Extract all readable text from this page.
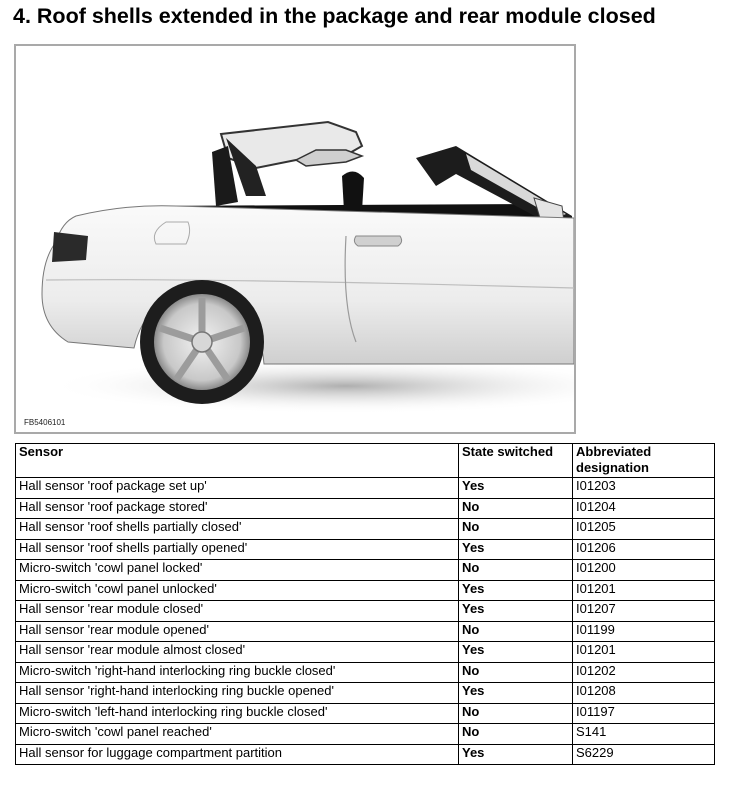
4. Roof shells extended in the package and rear module closed
FB5406101
Sensor	State switched	Abbreviated designation
Hall sensor 'roof package set up'	Yes	I01203
Hall sensor 'roof package stored'	No	I01204
Hall sensor 'roof shells partially closed'	No	I01205
Hall sensor 'roof shells partially opened'	Yes	I01206
Micro-switch 'cowl panel locked'	No	I01200
Micro-switch 'cowl panel unlocked'	Yes	I01201
Hall sensor 'rear module closed'	Yes	I01207
Hall sensor 'rear module opened'	No	I01199
Hall sensor 'rear module almost closed'	Yes	I01201
Micro-switch 'right-hand interlocking ring buckle closed'	No	I01202
Hall sensor 'right-hand interlocking ring buckle opened'	Yes	I01208
Micro-switch 'left-hand interlocking ring buckle closed'	No	I01197
Micro-switch 'cowl panel reached'	No	S141
Hall sensor for luggage compartment partition	Yes	S6229
